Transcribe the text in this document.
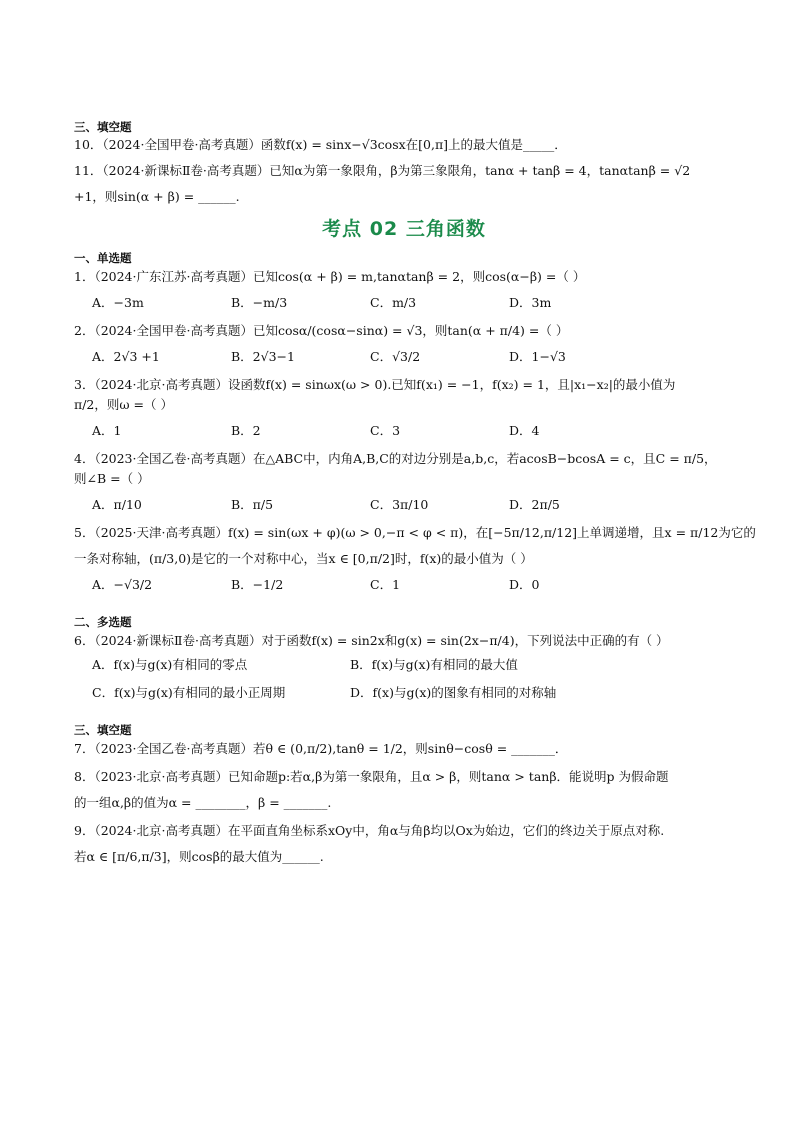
三、填空题
10．（2024·全国甲卷·高考真题）函数f(x) = sinx−√3cosx在[0,π]上的最大值是_____．
11．（2024·新课标Ⅱ卷·高考真题）已知α为第一象限角，β为第三象限角，tanα + tanβ = 4，tanαtanβ = √2
+1，则sin(α + β) = ______.
考点 02 三角函数
一、单选题
1．（2024·广东江苏·高考真题）已知cos(α + β) = m,tanαtanβ = 2，则cos(α−β) =（ ）
A．−3m	B．−m/3	C．m/3	D．3m
2．（2024·全国甲卷·高考真题）已知cosα/(cosα−sinα) = √3，则tan(α + π/4) =（ ）
A．2√3 +1	B．2√3−1	C．√3/2	D．1−√3
3．（2024·北京·高考真题）设函数f(x) = sinωx(ω > 0).已知f(x₁) = −1，f(x₂) = 1，且|x₁−x₂|的最小值为
π/2，则ω =（ ）
A．1	B．2	C．3	D．4
4．（2023·全国乙卷·高考真题）在△ABC中，内角A,B,C的对边分别是a,b,c，若acosB−bcosA = c，且C = π/5，
则∠B =（ ）
A．π/10	B．π/5	C．3π/10	D．2π/5
5．（2025·天津·高考真题）f(x) = sin(ωx + φ)(ω > 0,−π < φ < π)，在[−5π/12,π/12]上单调递增，且x = π/12为它的
一条对称轴，(π/3,0)是它的一个对称中心，当x ∈ [0,π/2]时，f(x)的最小值为（ ）
A．−√3/2	B．−1/2	C．1	D．0
二、多选题
6．（2024·新课标Ⅱ卷·高考真题）对于函数f(x) = sin2x和g(x) = sin(2x−π/4)，下列说法中正确的有（ ）
A．f(x)与g(x)有相同的零点	B．f(x)与g(x)有相同的最大值
C．f(x)与g(x)有相同的最小正周期	D．f(x)与g(x)的图象有相同的对称轴
三、填空题
7．（2023·全国乙卷·高考真题）若θ ∈ (0,π/2),tanθ = 1/2，则sinθ−cosθ = _______．
8．（2023·北京·高考真题）已知命题p:若α,β为第一象限角，且α > β，则tanα > tanβ．能说明p 为假命题
的一组α,β的值为α = ________，β = _______.
9．（2024·北京·高考真题）在平面直角坐标系xOy中，角α与角β均以Ox为始边，它们的终边关于原点对称.
若α ∈ [π/6,π/3]，则cosβ的最大值为______.
